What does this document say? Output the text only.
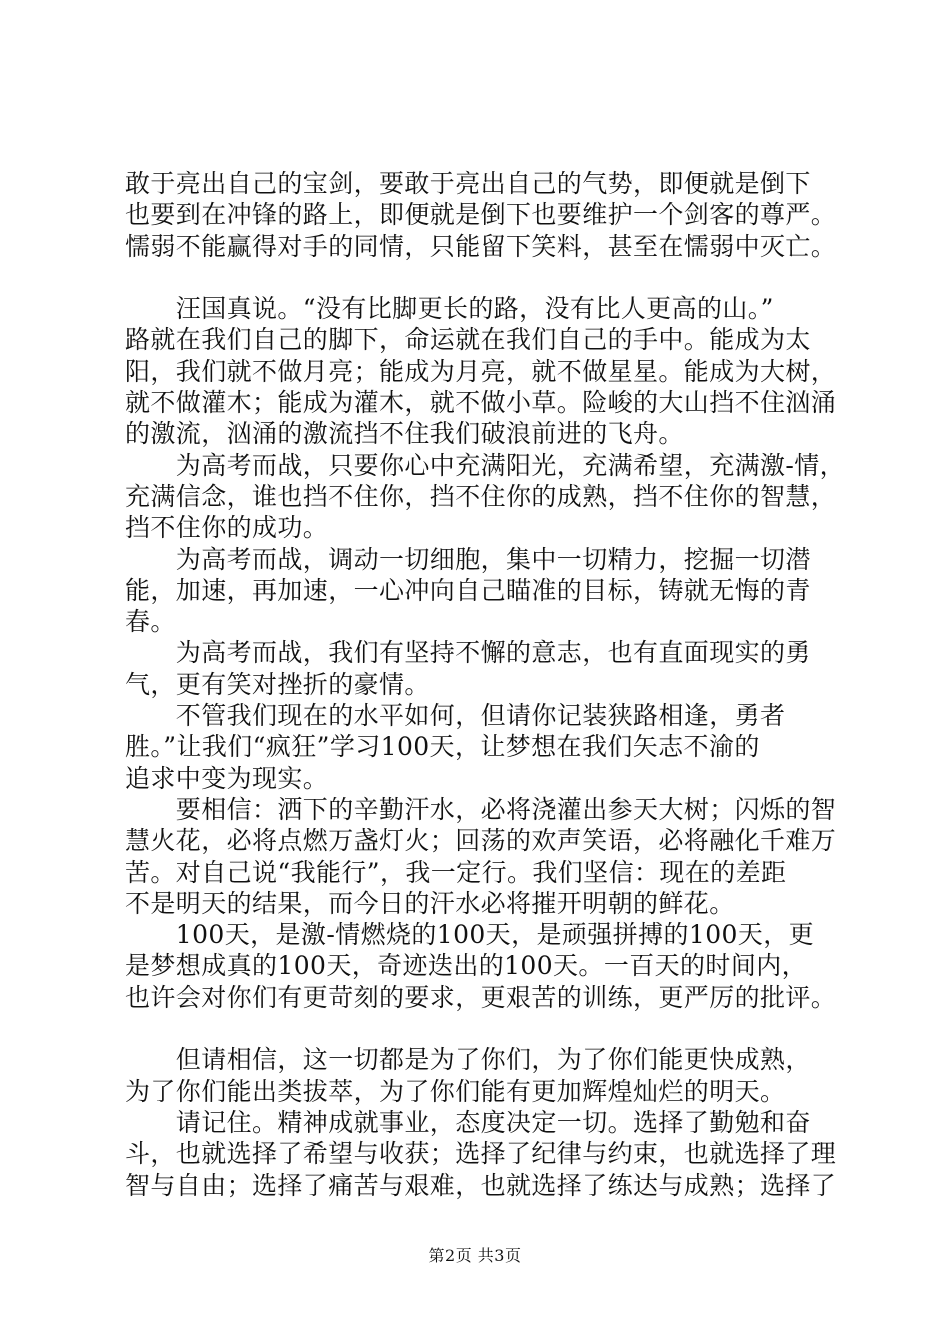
敢于亮出自己的宝剑，要敢于亮出自己的气势，即便就是倒下
也要到在冲锋的路上，即便就是倒下也要维护一个剑客的尊严。
懦弱不能赢得对手的同情，只能留下笑料，甚至在懦弱中灭亡。
　　汪国真说。“没有比脚更长的路，没有比人更高的山。”
路就在我们自己的脚下，命运就在我们自己的手中。能成为太
阳，我们就不做月亮；能成为月亮，就不做星星。能成为大树，
就不做灌木；能成为灌木，就不做小草。险峻的大山挡不住汹涌
的激流，汹涌的激流挡不住我们破浪前进的飞舟。
　　为高考而战，只要你心中充满阳光，充满希望，充满激-情，
充满信念，谁也挡不住你，挡不住你的成熟，挡不住你的智慧，
挡不住你的成功。
　　为高考而战，调动一切细胞，集中一切精力，挖掘一切潜
能，加速，再加速，一心冲向自己瞄准的目标，铸就无悔的青
春。
　　为高考而战，我们有坚持不懈的意志，也有直面现实的勇
气，更有笑对挫折的豪情。
　　不管我们现在的水平如何，但请你记装狭路相逢，勇者
胜。”让我们“疯狂”学习100天，让梦想在我们矢志不渝的
追求中变为现实。
　　要相信：洒下的辛勤汗水，必将浇灌出参天大树；闪烁的智
慧火花，必将点燃万盏灯火；回荡的欢声笑语，必将融化千难万
苦。对自己说“我能行”，我一定行。我们坚信：现在的差距
不是明天的结果，而今日的汗水必将摧开明朝的鲜花。
　　100天，是激-情燃烧的100天，是顽强拼搏的100天，更
是梦想成真的100天，奇迹迭出的100天。一百天的时间内，
也许会对你们有更苛刻的要求，更艰苦的训练，更严厉的批评。
　　但请相信，这一切都是为了你们，为了你们能更快成熟，
为了你们能出类拔萃，为了你们能有更加辉煌灿烂的明天。
　　请记住。精神成就事业，态度决定一切。选择了勤勉和奋
斗，也就选择了希望与收获；选择了纪律与约束，也就选择了理
智与自由；选择了痛苦与艰难，也就选择了练达与成熟；选择了
第2页 共3页
